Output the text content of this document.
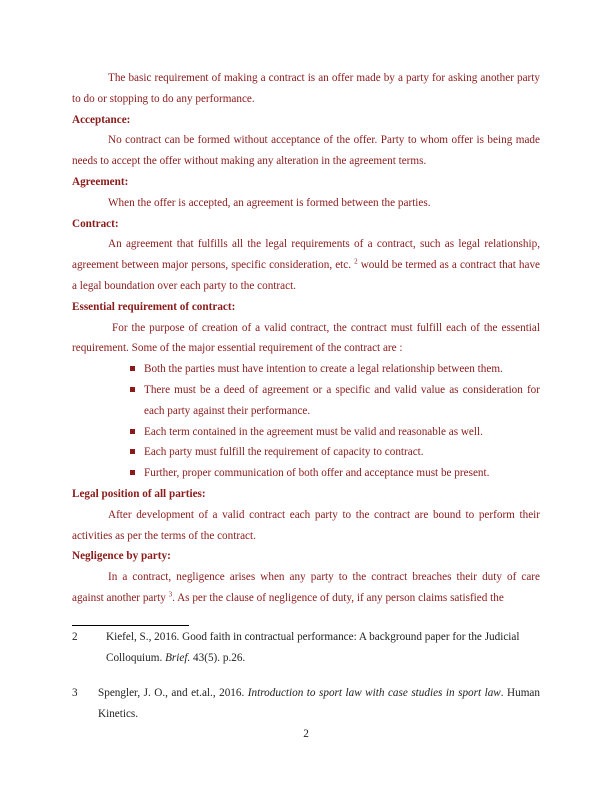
The basic requirement of making a contract is an offer made by a party for asking another party to do or stopping to do any performance.

Acceptance:

No contract can be formed without acceptance of the offer. Party to whom offer is being made needs to accept the offer without making any alteration in the agreement terms.

Agreement:

When the offer is accepted, an agreement is formed between the parties.

Contract:

An agreement that fulfills all the legal requirements of a contract, such as legal relationship, agreement between major persons, specific consideration, etc. $^2$ would be termed as a contract that have a legal boundation over each party to the contract.

Essential requirement of contract:

For the purpose of creation of a valid contract, the contract must fulfill each of the essential requirement. Some of the major essential requirement of the contract are :

Both the parties must have intention to create a legal relationship between them.
There must be a deed of agreement or a specific and valid value as consideration for each party against their performance.
Each term contained in the agreement must be valid and reasonable as well.
Each party must fulfill the requirement of capacity to contract.
Further, proper communication of both offer and acceptance must be present.
Legal position of all parties:

After development of a valid contract each party to the contract are bound to perform their activities as per the terms of the contract.

Negligence by party:

In a contract, negligence arises when any party to the contract breaches their duty of care against another party $^3$. As per the clause of negligence of duty, if any person claims satisfied the

2	Kiefel, S., 2016. Good faith in contractual performance: A background paper for the Judicial Colloquium. Brief. 43(5). p.26.
3 Spengler, J. O., and et.al., 2016. Introduction to sport law with case studies in sport law. Human Kinetics.
2
